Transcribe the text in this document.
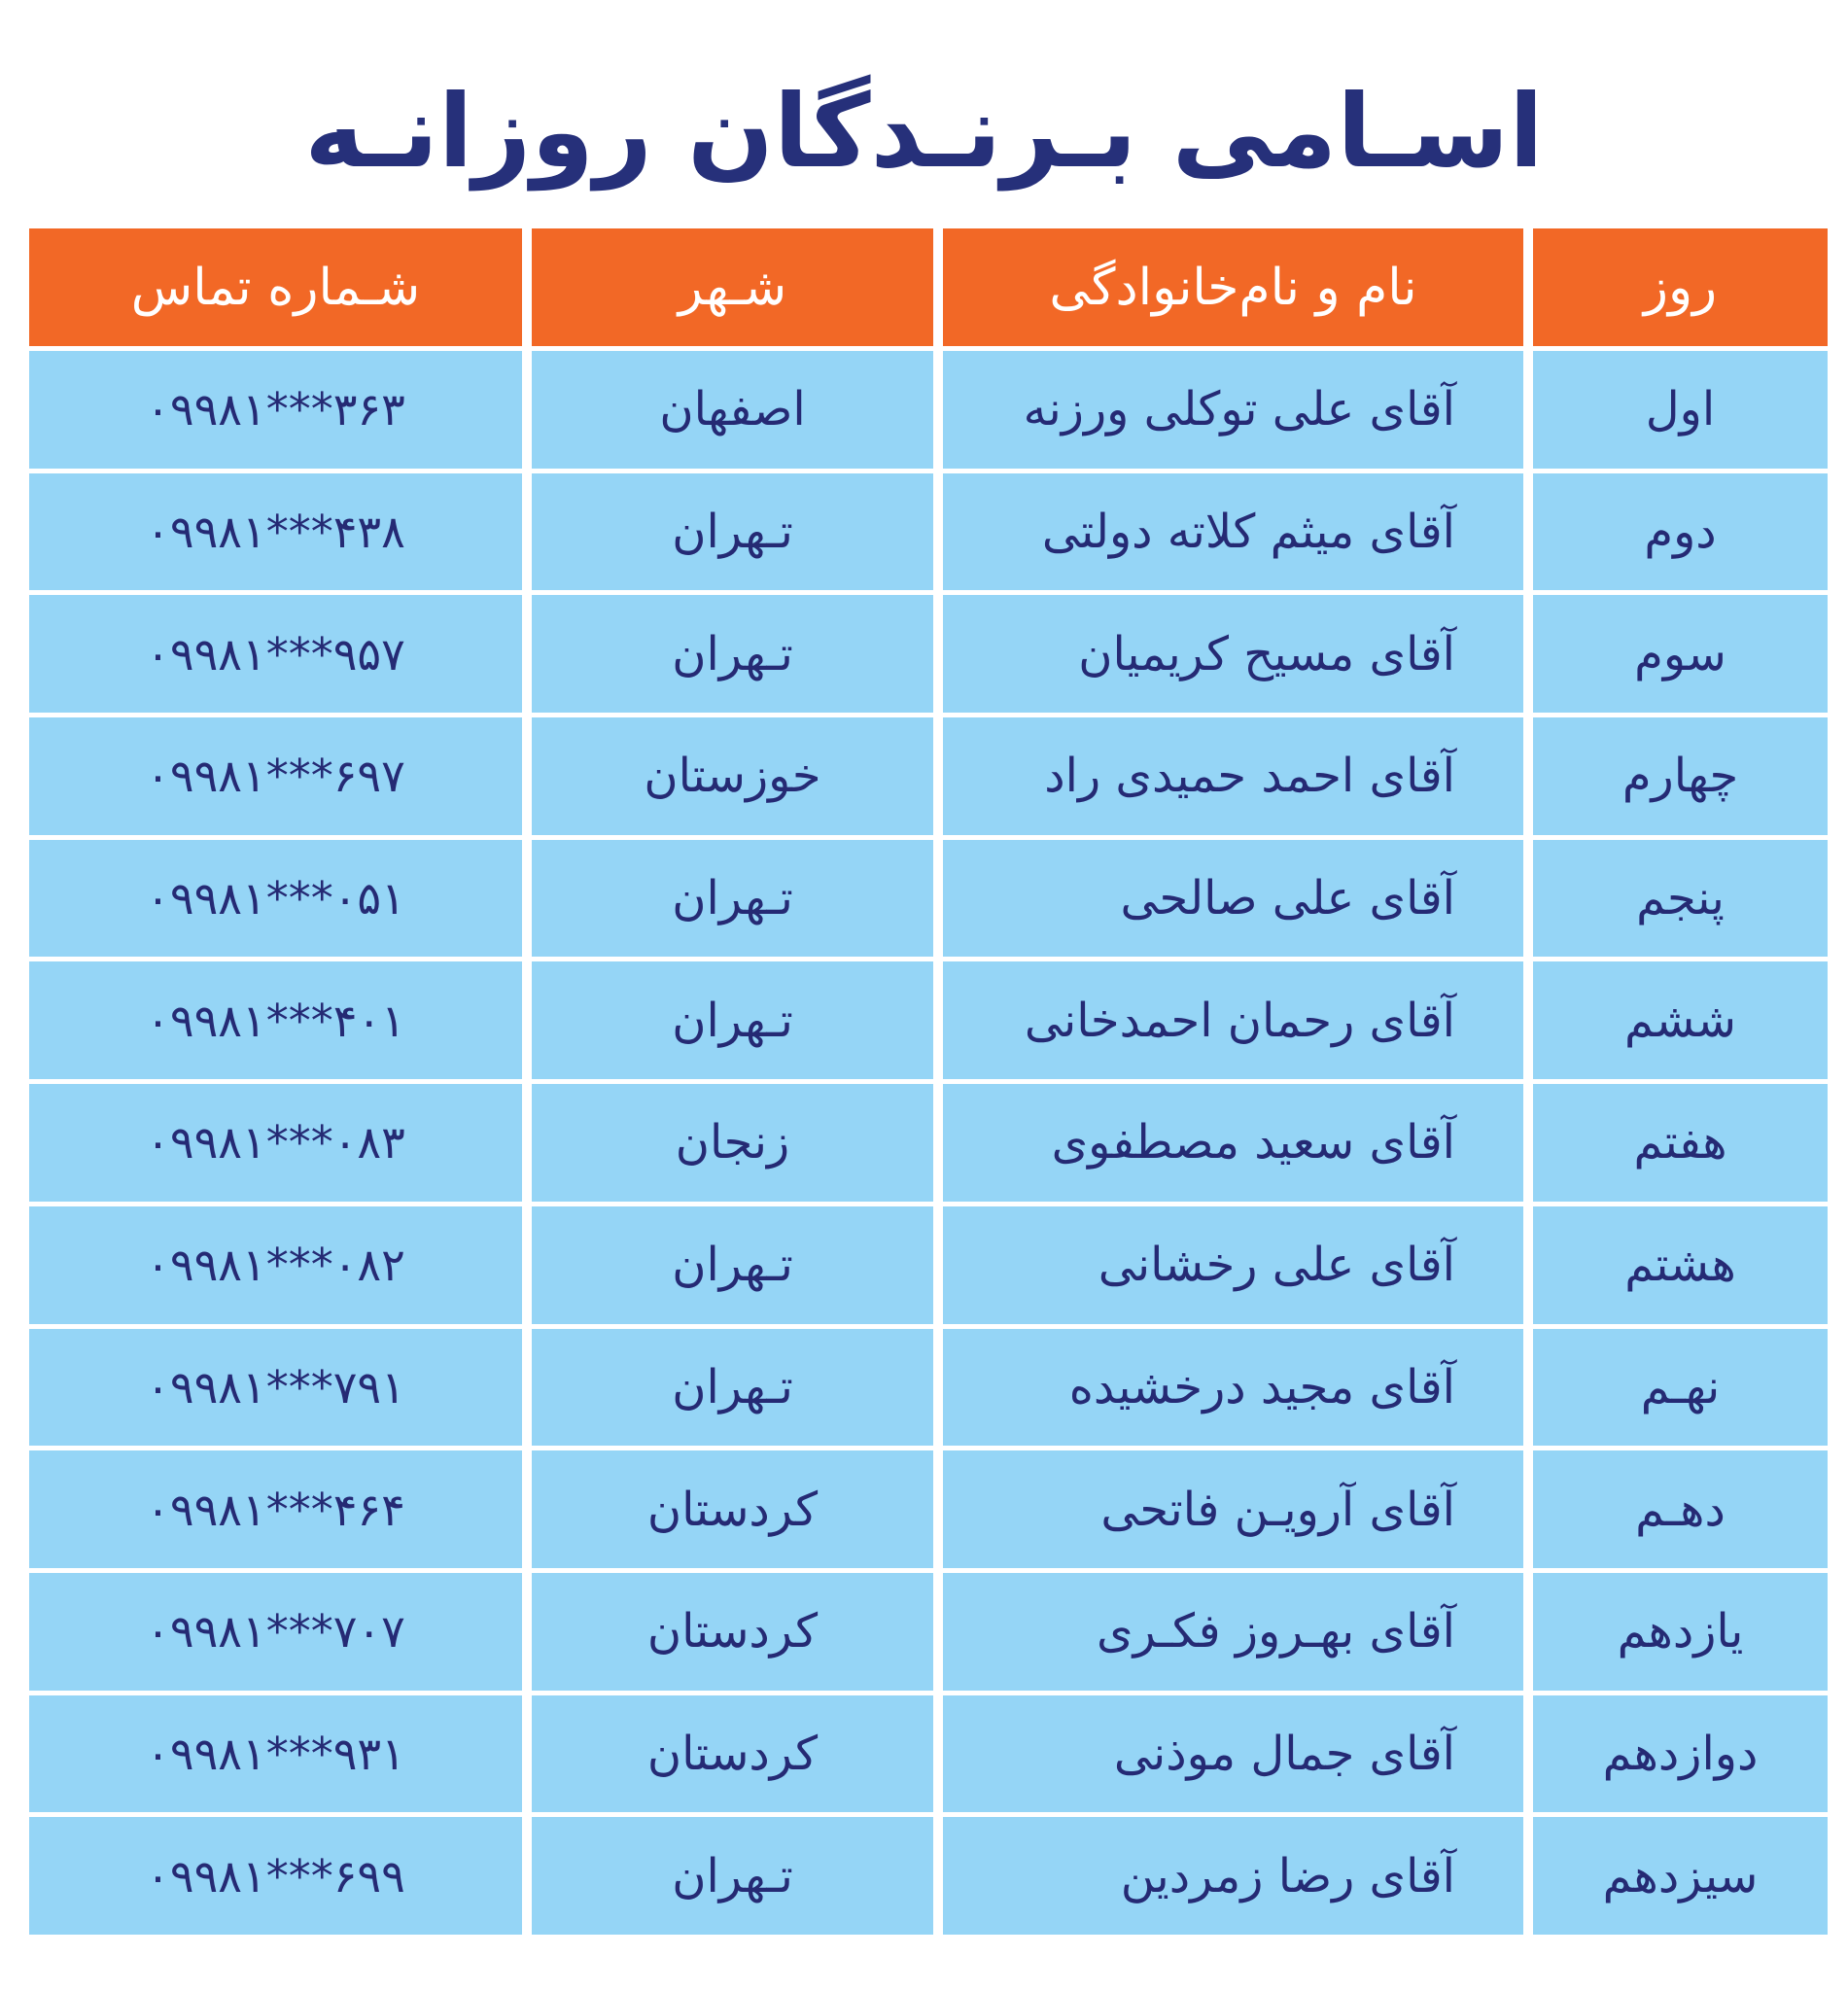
اسـامی بـرنـدگان روزانـه
روز	نام و نام‌خانوادگی	شـهر	شـماره تماس
اول	آقای علی توکلی ورزنه	اصفهان	۰۹۹۸۱***۳۶۳
دوم	آقای میثم کلاته دولتی	تـهران	۰۹۹۸۱***۴۳۸
سوم	آقای مسیح کریمیان	تـهران	۰۹۹۸۱***۹۵۷
چهارم	آقای احمد حمیدی راد	خوزستان	۰۹۹۸۱***۶۹۷
پنجم	آقای علی صالحی	تـهران	۰۹۹۸۱***۰۵۱
ششم	آقای رحمان احمدخانی	تـهران	۰۹۹۸۱***۴۰۱
هفتم	آقای سعید مصطفوی	زنجان	۰۹۹۸۱***۰۸۳
هشتم	آقای علی رخشانی	تـهران	۰۹۹۸۱***۰۸۲
نهـم	آقای مجید درخشیده	تـهران	۰۹۹۸۱***۷۹۱
دهـم	آقای آرویـن فاتحی	کردستان	۰۹۹۸۱***۴۶۴
یازدهم	آقای بهـروز فکـری	کردستان	۰۹۹۸۱***۷۰۷
دوازدهم	آقای جمال موذنی	کردستان	۰۹۹۸۱***۹۳۱
سیزدهم	آقای رضا زمردین	تـهران	۰۹۹۸۱***۶۹۹
